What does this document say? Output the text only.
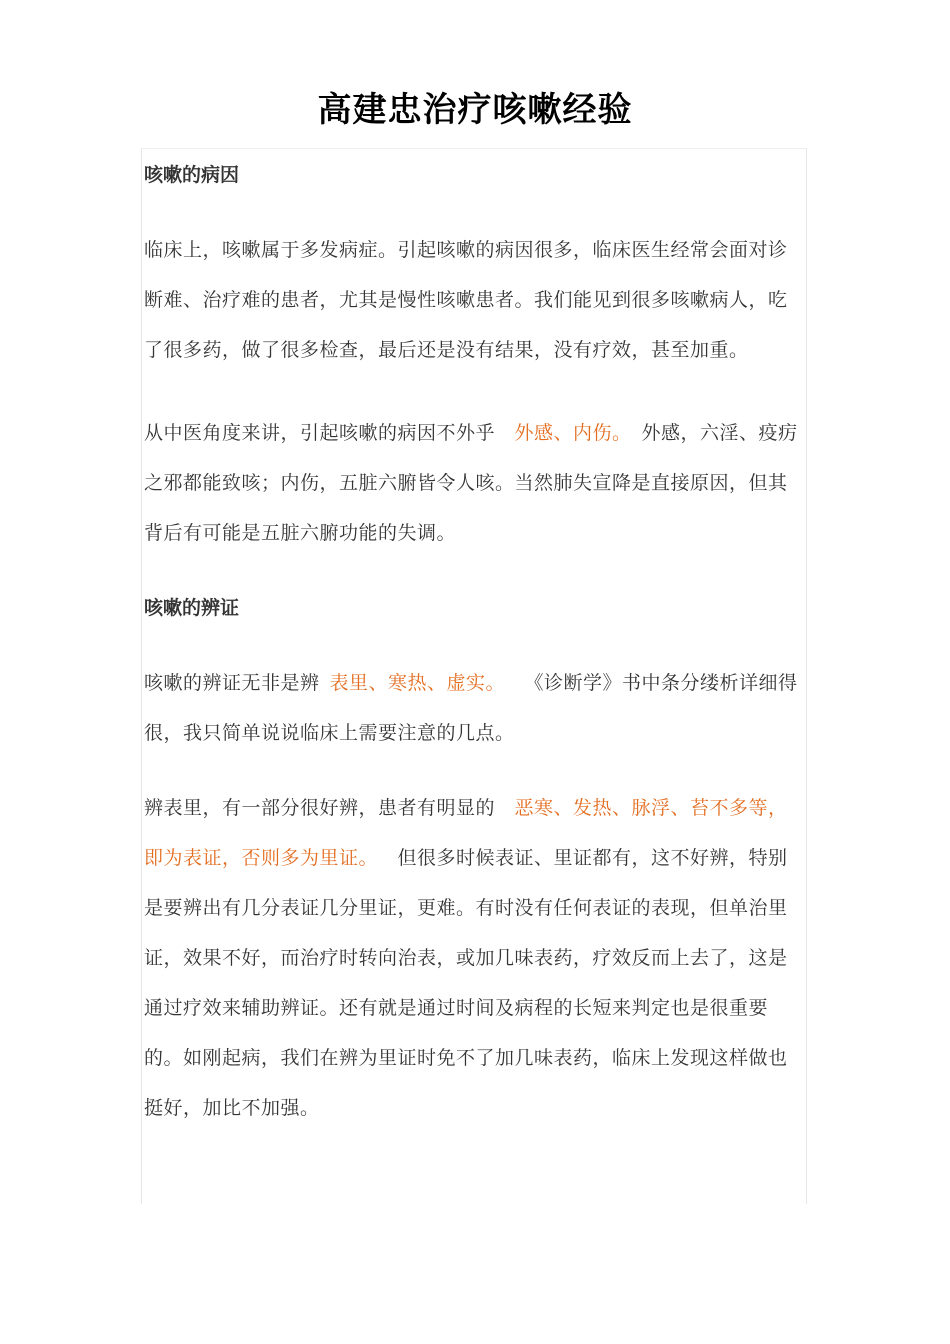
高建忠治疗咳嗽经验

咳嗽的病因

临床上，咳嗽属于多发病症。引起咳嗽的病因很多，临床医生经常会面对诊断难、治疗难的患者，尤其是慢性咳嗽患者。我们能见到很多咳嗽病人，吃了很多药，做了很多检查，最后还是没有结果，没有疗效，甚至加重。

从中医角度来讲，引起咳嗽的病因不外乎  外感、内伤。  外感，六淫、疫疠之邪都能致咳；内伤，五脏六腑皆令人咳。当然肺失宣降是直接原因，但其背后有可能是五脏六腑功能的失调。

咳嗽的辨证

咳嗽的辨证无非是辨  表里、寒热、虚实。  《诊断学》书中条分缕析详细得很，我只简单说说临床上需要注意的几点。

辨表里，有一部分很好辨，患者有明显的  恶寒、发热、脉浮、苔不多等，即为表证，否则多为里证。  但很多时候表证、里证都有，这不好辨，特别是要辨出有几分表证几分里证，更难。有时没有任何表证的表现，但单治里证，效果不好，而治疗时转向治表，或加几味表药，疗效反而上去了，这是通过疗效来辅助辨证。还有就是通过时间及病程的长短来判定也是很重要的。如刚起病，我们在辨为里证时免不了加几味表药，临床上发现这样做也挺好，加比不加强。
